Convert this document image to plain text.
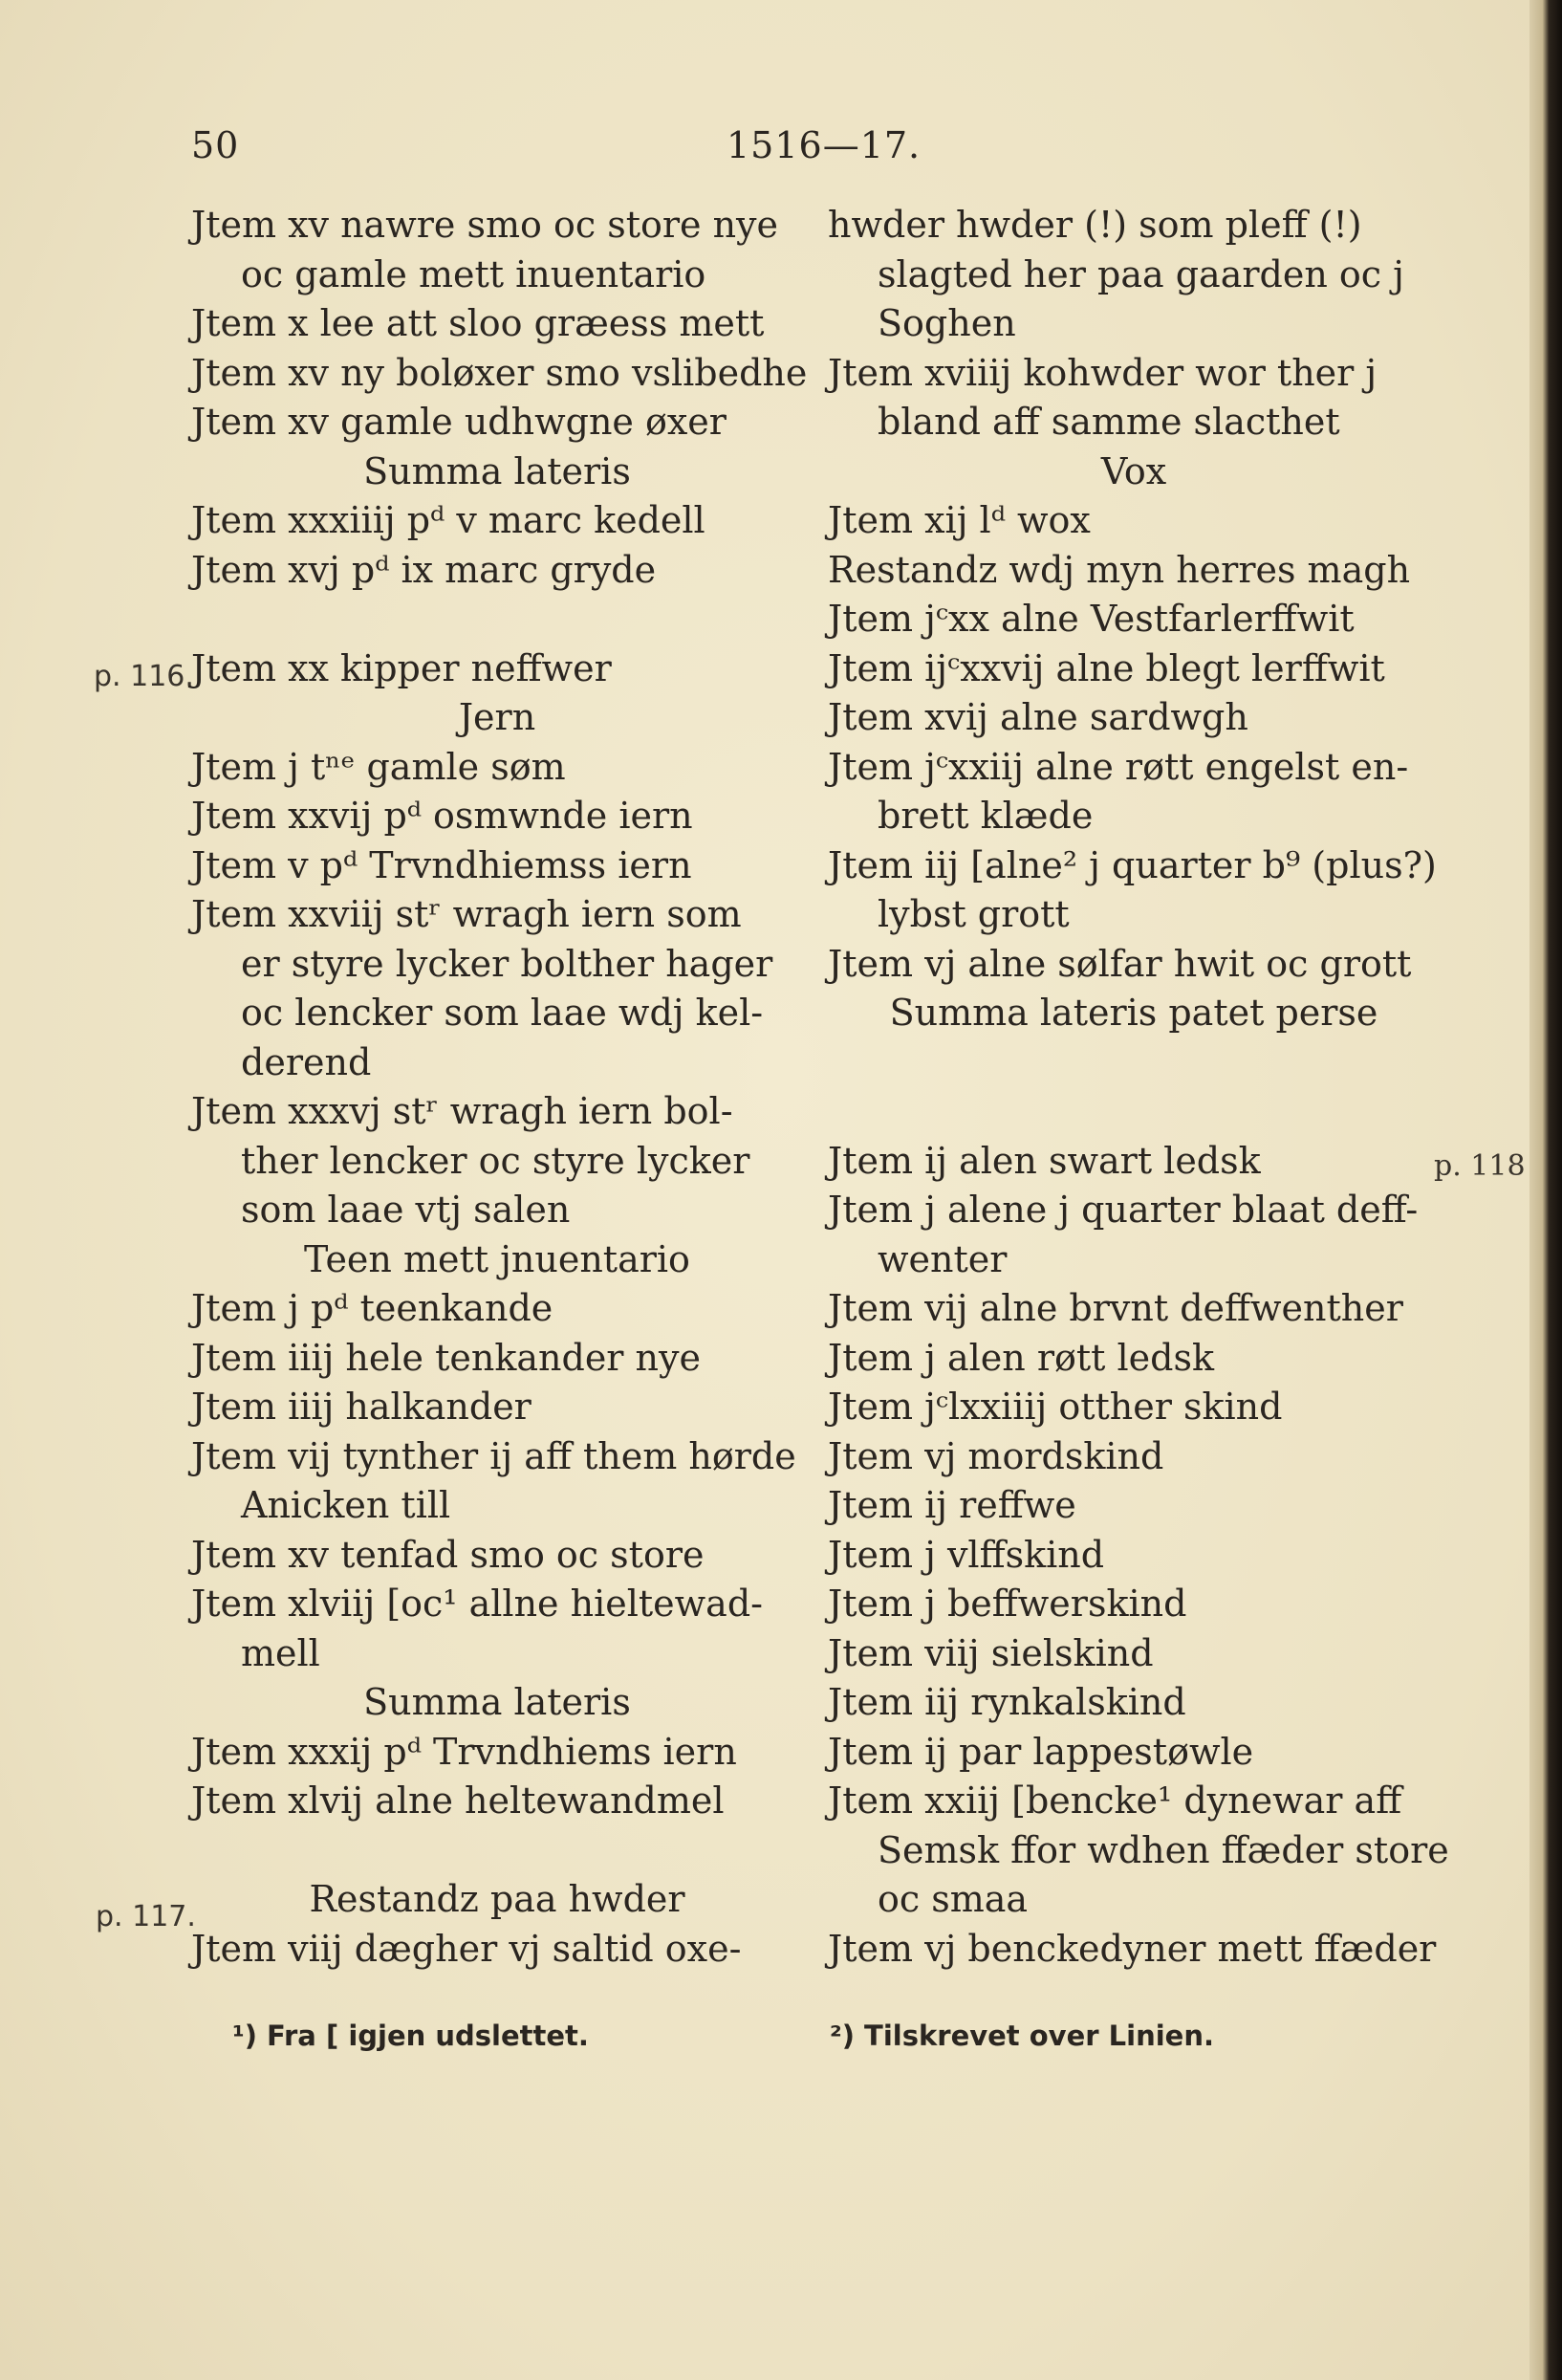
50	1516—17.
Jtem xv nawre smo oc store nye
oc gamle mett inuentario
Jtem x lee att sloo græess mett
Jtem xv ny boløxer smo vslibedhe
Jtem xv gamle udhwgne øxer
Summa lateris
Jtem xxxiiij pᵈ v marc kedell
Jtem xvj pᵈ ix marc gryde
Jtem xx kipper neffwer
Jern
Jtem j tⁿᵉ gamle søm
Jtem xxvij pᵈ osmwnde iern
Jtem v pᵈ Trvndhiemss iern
Jtem xxviij stʳ wragh iern som
er styre lycker bolther hager
oc lencker som laae wdj kel-
derend
Jtem xxxvj stʳ wragh iern bol-
ther lencker oc styre lycker
som laae vtj salen
Teen mett jnuentario
Jtem j pᵈ teenkande
Jtem iiij hele tenkander nye
Jtem iiij halkander
Jtem vij tynther ij aff them hørde
Anicken till
Jtem xv tenfad smo oc store
Jtem xlviij [oc¹ allne hieltewad-
mell
Summa lateris
Jtem xxxij pᵈ Trvndhiems iern
Jtem xlvij alne heltewandmel
Restandz paa hwder
Jtem viij dægher vj saltid oxe-
hwder hwder (!) som pleff (!)
slagted her paa gaarden oc j
Soghen
Jtem xviiij kohwder wor ther j
bland aff samme slacthet
Vox
Jtem xij lᵈ wox
Restandz wdj myn herres magh
Jtem jᶜxx alne Vestfarlerffwit
Jtem ijᶜxxvij alne blegt lerffwit
Jtem xvij alne sardwgh
Jtem jᶜxxiij alne røtt engelst en-
brett klæde
Jtem iij [alne² j quarter b⁹ (plus?)
lybst grott
Jtem vj alne sølfar hwit oc grott
Summa lateris patet perse
Jtem ij alen swart ledsk
Jtem j alene j quarter blaat deff-
wenter
Jtem vij alne brvnt deffwenther
Jtem j alen røtt ledsk
Jtem jᶜlxxiiij otther skind
Jtem vj mordskind
Jtem ij reffwe
Jtem j vlffskind
Jtem j beffwerskind
Jtem viij sielskind
Jtem iij rynkalskind
Jtem ij par lappestøwle
Jtem xxiij [bencke¹ dynewar aff
Semsk ffor wdhen ffæder store
oc smaa
Jtem vj benckedyner mett ffæder
p. 116.
p. 117.
p. 118
¹) Fra [ igjen udslettet.	²) Tilskrevet over Linien.
